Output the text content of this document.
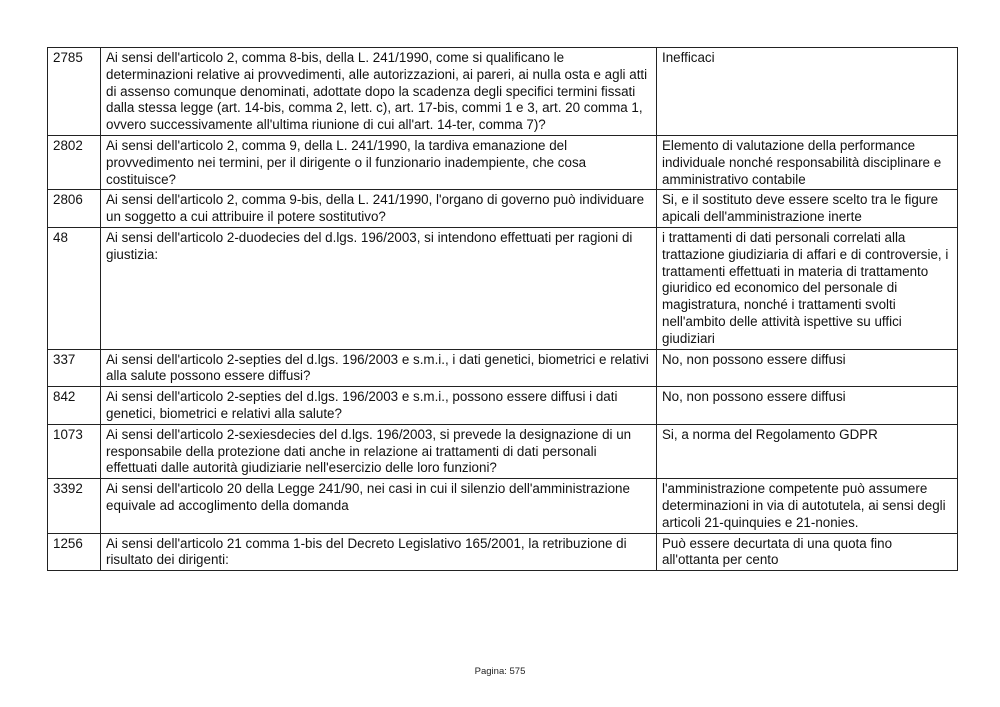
2785	Ai sensi dell'articolo 2, comma 8-bis, della L. 241/1990, come si qualificano le determinazioni relative ai provvedimenti, alle autorizzazioni, ai pareri, ai nulla osta e agli atti di assenso comunque denominati, adottate dopo la scadenza degli specifici termini fissati dalla stessa legge (art. 14-bis, comma 2, lett. c), art. 17-bis, commi 1 e 3, art. 20 comma 1, ovvero successivamente all'ultima riunione di cui all'art. 14-ter, comma 7)?	Inefficaci
2802	Ai sensi dell'articolo 2, comma 9, della L. 241/1990, la tardiva emanazione del provvedimento nei termini, per il dirigente o il funzionario inadempiente, che cosa costituisce?	Elemento di valutazione della performance individuale nonché responsabilità disciplinare e amministrativo contabile
2806	Ai sensi dell'articolo 2, comma 9-bis, della L. 241/1990, l'organo di governo può individuare un soggetto a cui attribuire il potere sostitutivo?	Si, e il sostituto deve essere scelto tra le figure apicali dell'amministrazione inerte
48	Ai sensi dell'articolo 2-duodecies del d.lgs. 196/2003, si intendono effettuati per ragioni di giustizia:	i trattamenti di dati personali correlati alla trattazione giudiziaria di affari e di controversie, i trattamenti effettuati in materia di trattamento giuridico ed economico del personale di magistratura, nonché i trattamenti svolti nell'ambito delle attività ispettive su uffici giudiziari
337	Ai sensi dell'articolo 2-septies del d.lgs. 196/2003 e s.m.i., i dati genetici, biometrici e relativi alla salute possono essere diffusi?	No, non possono essere diffusi
842	Ai sensi dell'articolo 2-septies del d.lgs. 196/2003 e s.m.i., possono essere diffusi i dati genetici, biometrici e relativi alla salute?	No, non possono essere diffusi
1073	Ai sensi dell'articolo 2-sexiesdecies del d.lgs. 196/2003, si prevede la designazione di un responsabile della protezione dati anche in relazione ai trattamenti di dati personali effettuati dalle autorità giudiziarie nell'esercizio delle loro funzioni?	Si, a norma del Regolamento GDPR
3392	Ai sensi dell'articolo 20 della Legge 241/90, nei casi in cui il silenzio dell'amministrazione equivale ad accoglimento della domanda	l'amministrazione competente può assumere determinazioni in via di autotutela, ai sensi degli articoli 21-quinquies e 21-nonies.
1256	Ai sensi dell'articolo 21 comma 1-bis del Decreto Legislativo 165/2001, la retribuzione di risultato dei dirigenti:	Può essere decurtata di una quota fino all'ottanta per cento
Pagina: 575
